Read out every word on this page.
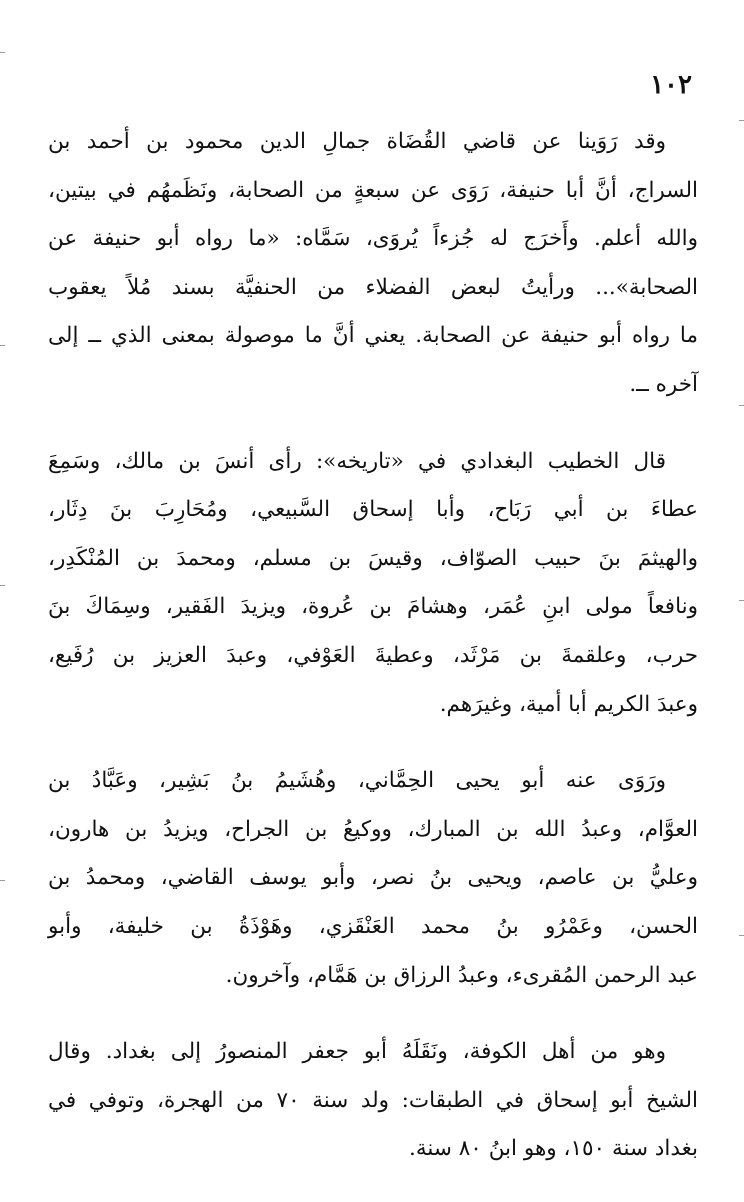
١٠٢

وقد رَوَينا عن قاضي القُضَاة جمالِ الدين محمود بن أحمد بن
السراج، أنَّ أبا حنيفة، رَوَى عن سبعةٍ من الصحابة، ونَظَمهُم في بيتين،
والله أعلم. وأَخرَج له جُزءاً يُروَى، سَمَّاه: «ما رواه أبو حنيفة عن
الصحابة»... ورأيتُ لبعض الفضلاء من الحنفيَّة بسند مُلاً يعقوب
ما رواه أبو حنيفة عن الصحابة. يعني أنَّ ما موصولة بمعنى الذي ــ إلى
آخره ــ.

قال الخطيب البغدادي في «تاريخه»: رأى أنسَ بن مالك، وسَمِعَ
عطاءَ بن أبي رَبَاح، وأبا إسحاق السَّبيعي، ومُحَارِبَ بنَ دِثَار،
والهيثمَ بنَ حبيب الصوّاف، وقيسَ بن مسلم، ومحمدَ بن المُنْكَدِر،
ونافعاً مولى ابنِ عُمَر، وهشامَ بن عُروة، ويزيدَ الفَقير، وسِمَاكَ بنَ
حرب، وعلقمةَ بن مَرْثَد، وعطيةَ العَوْفي، وعبدَ العزيز بن رُفَيع،
وعبدَ الكريم أبا أمية، وغيرَهم.

ورَوَى عنه أبو يحيى الحِمَّاني، وهُشَيمُ بنُ بَشِير، وعَبَّادُ بن
العوَّام، وعبدُ الله بن المبارك، ووكيعُ بن الجراح، ويزيدُ بن هارون،
وعليُّ بن عاصم، ويحيى بنُ نصر، وأبو يوسف القاضي، ومحمدُ بن
الحسن، وعَمْرُو بنُ محمد العَنْقَزي، وهَوْذَةُ بن خليفة، وأبو
عبد الرحمن المُقرىء، وعبدُ الرزاق بن هَمَّام، وآخرون.

وهو من أهل الكوفة، ونَقَلَهُ أبو جعفر المنصورُ إلى بغداد. وقال
الشيخ أبو إسحاق في الطبقات: ولد سنة ٧٠ من الهجرة، وتوفي في
بغداد سنة ١٥٠، وهو ابنُ ٨٠ سنة.
